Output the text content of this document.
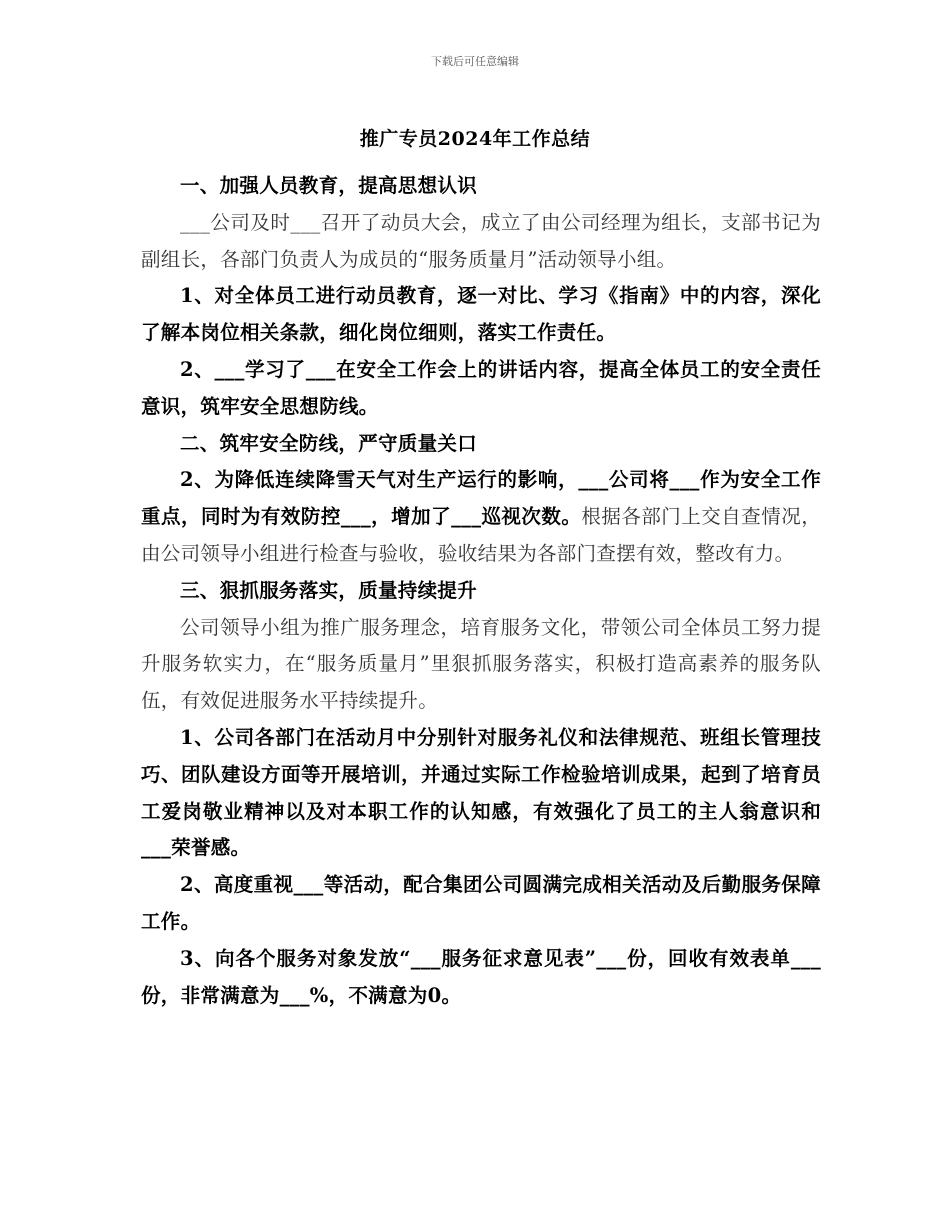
下载后可任意编辑
推广专员2024年工作总结

一、加强人员教育，提高思想认识

___公司及时___召开了动员大会，成立了由公司经理为组长，支部书记为副组长，各部门负责人为成员的“服务质量月”活动领导小组。

1、对全体员工进行动员教育，逐一对比、学习《指南》中的内容，深化了解本岗位相关条款，细化岗位细则，落实工作责任。

2、___学习了___在安全工作会上的讲话内容，提高全体员工的安全责任意识，筑牢安全思想防线。

二、筑牢安全防线，严守质量关口

2、为降低连续降雪天气对生产运行的影响，___公司将___作为安全工作重点，同时为有效防控___，增加了___巡视次数。根据各部门上交自查情况，由公司领导小组进行检查与验收，验收结果为各部门查摆有效，整改有力。

三、狠抓服务落实，质量持续提升

公司领导小组为推广服务理念，培育服务文化，带领公司全体员工努力提升服务软实力，在“服务质量月”里狠抓服务落实，积极打造高素养的服务队伍，有效促进服务水平持续提升。

1、公司各部门在活动月中分别针对服务礼仪和法律规范、班组长管理技巧、团队建设方面等开展培训，并通过实际工作检验培训成果，起到了培育员工爱岗敬业精神以及对本职工作的认知感，有效强化了员工的主人翁意识和___荣誉感。

2、高度重视___等活动，配合集团公司圆满完成相关活动及后勤服务保障工作。

3、向各个服务对象发放“___服务征求意见表”___份，回收有效表单___份，非常满意为___%，不满意为0。
